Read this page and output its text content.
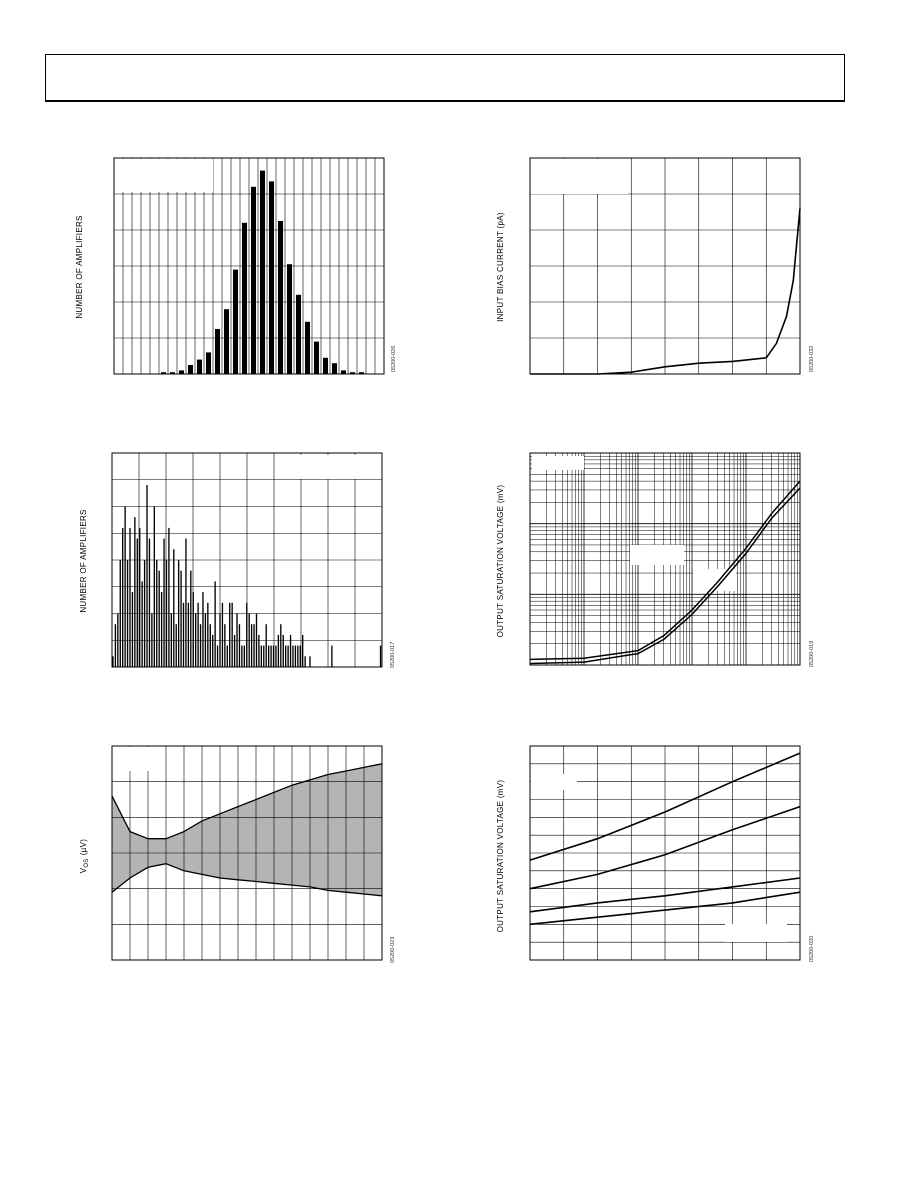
NUMBER OF AMPLIFIERS
05200-026
INPUT BIAS CURRENT (pA)
05200-032
NUMBER OF AMPLIFIERS
05200-017
OUTPUT SATURATION VOLTAGE (mV)
05200-019
$V_{OS}(\mu V)$
05200-023
OUTPUT SATURATION VOLTAGE (mV)
05200-020
